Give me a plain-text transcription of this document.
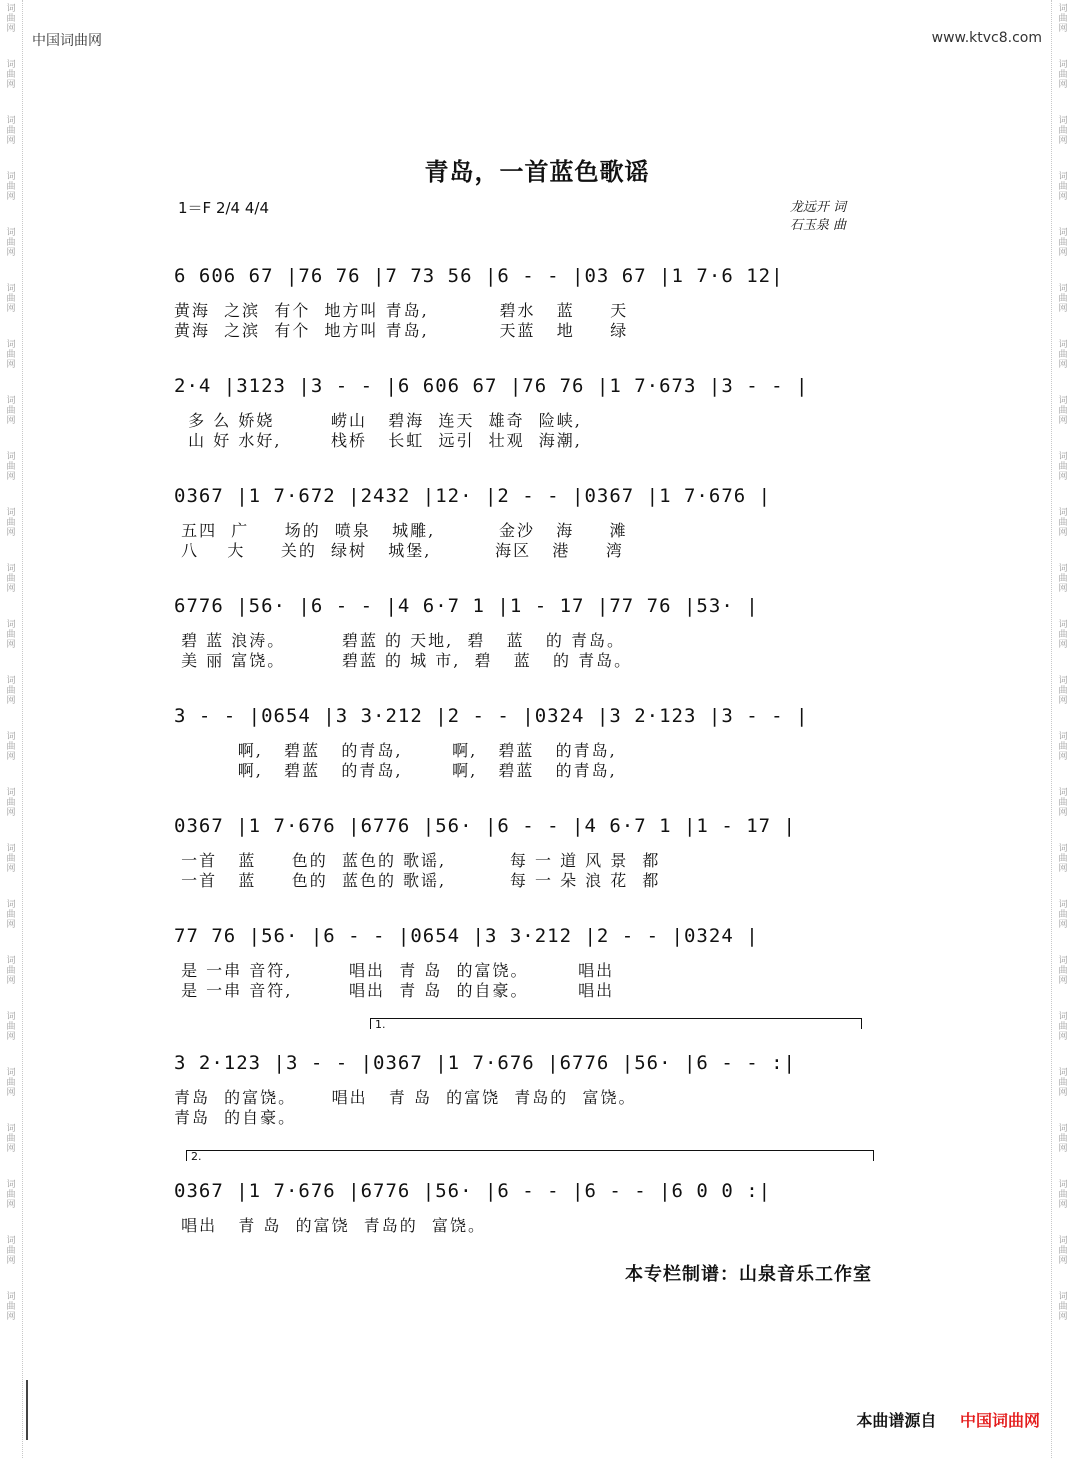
词
曲
网
词
曲
网
词
曲
网
词
曲
网
词
曲
网
词
曲
网
词
曲
网
词
曲
网
词
曲
网
词
曲
网
词
曲
网
词
曲
网
词
曲
网
词
曲
网
词
曲
网
词
曲
网
词
曲
网
词
曲
网
词
曲
网
词
曲
网
词
曲
网
词
曲
网
词
曲
网
词
曲
网
词
曲
网
词
曲
网
词
曲
网
词
曲
网
词
曲
网
词
曲
网
词
曲
网
词
曲
网
词
曲
网
词
曲
网
词
曲
网
词
曲
网
词
曲
网
词
曲
网
词
曲
网
词
曲
网
词
曲
网
词
曲
网
词
曲
网
词
曲
网
词
曲
网
词
曲
网
词
曲
网
词
曲
网
中国词曲网	www.ktvc8.com
青岛，一首蓝色歌谣
1＝F 2/4 4/4	龙远开 词
石玉泉 曲
6 606 67 |76 76 |7 73 56 |6 - - |03 67 |1 7·6 12|
黄海  之滨  有个  地方叫 青岛,          碧水   蓝     天
黄海  之滨  有个  地方叫 青岛,          天蓝   地     绿
2·4 |3123 |3 - - |6 606 67 |76 76 |1 7·673 |3 - - |
多 么 娇娆        崂山   碧海  连天  雄奇  险峡,
山 好 水好,       栈桥   长虹  远引  壮观  海潮,
0367 |1 7·672 |2432 |12· |2 - - |0367 |1 7·676 |
五四  广     场的  喷泉   城雕,         金沙   海     滩
八    大     关的  绿树   城堡,         海区   港     湾
6776 |56· |6 - - |4 6·7 1 |1 - 17 |77 76 |53· |
碧 蓝 浪涛。        碧蓝 的 天地,  碧   蓝   的 青岛。
美 丽 富饶。        碧蓝 的 城 市,  碧   蓝   的 青岛。
3 - - |0654 |3 3·212 |2 - - |0324 |3 2·123 |3 - - |
啊,   碧蓝   的青岛,       啊,   碧蓝   的青岛,
啊,   碧蓝   的青岛,       啊,   碧蓝   的青岛,
0367 |1 7·676 |6776 |56· |6 - - |4 6·7 1 |1 - 17 |
一首   蓝     色的  蓝色的 歌谣,         每 一 道 风 景  都
一首   蓝     色的  蓝色的 歌谣,         每 一 朵 浪 花  都
77 76 |56· |6 - - |0654 |3 3·212 |2 - - |0324 |
是 一串 音符,        唱出  青 岛  的富饶。       唱出
是 一串 音符,        唱出  青 岛  的自豪。       唱出
1.
3 2·123 |3 - - |0367 |1 7·676 |6776 |56· |6 - - :|
青岛  的富饶。     唱出   青 岛  的富饶  青岛的  富饶。
青岛  的自豪。
2.
0367 |1 7·676 |6776 |56· |6 - - |6 - - |6 0 0 :|
唱出   青 岛  的富饶  青岛的  富饶。
本专栏制谱：山泉音乐工作室
本曲谱源自 中国词曲网
